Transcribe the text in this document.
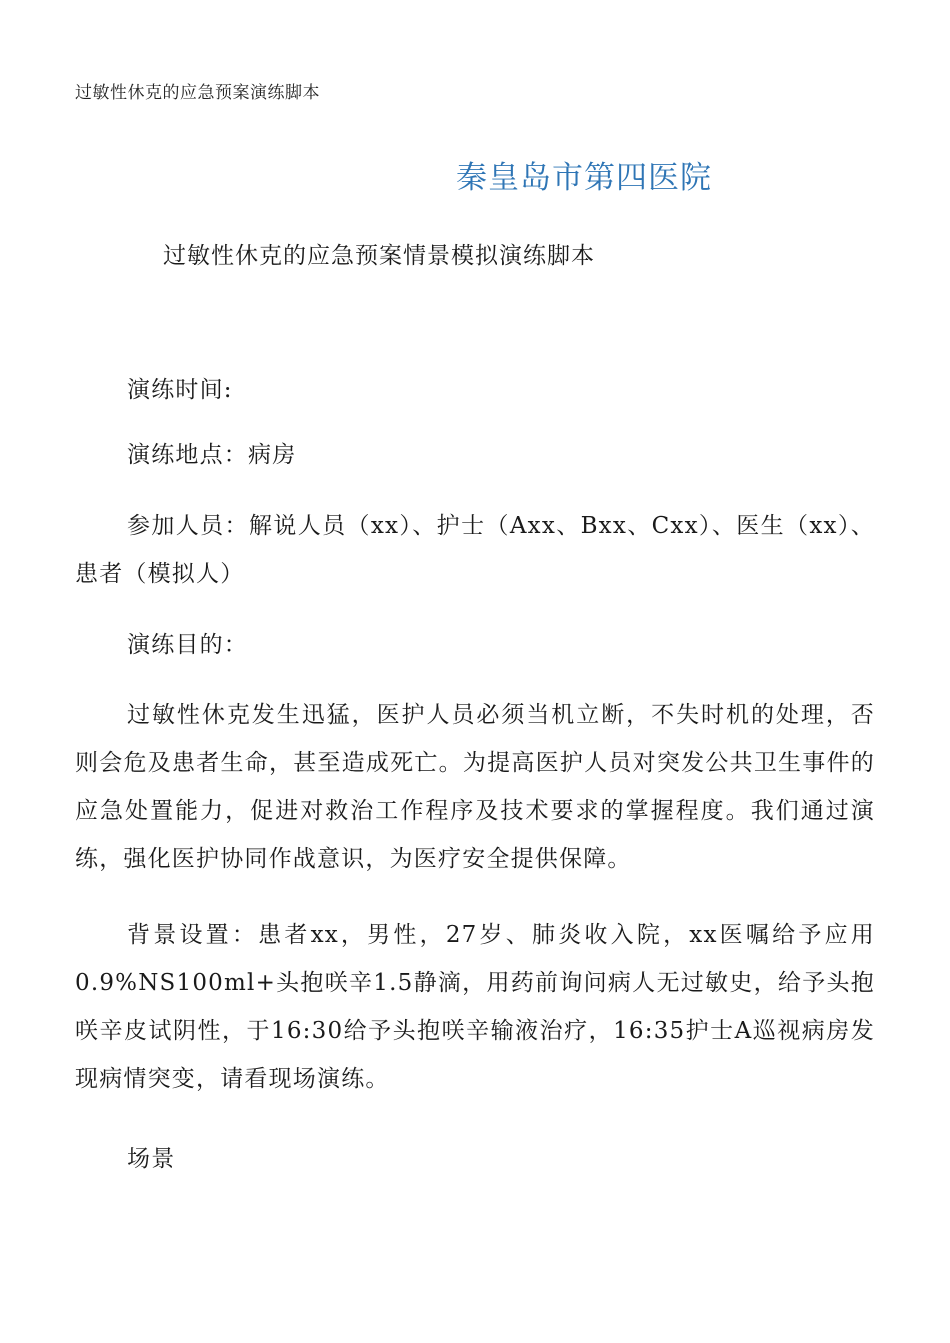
过敏性休克的应急预案演练脚本
秦皇岛市第四医院
过敏性休克的应急预案情景模拟演练脚本

演练时间:

演练地点：病房

参加人员：解说人员（xx）、护士（Axx、Bxx、Cxx）、医生（xx）、患者（模拟人）

演练目的：

过敏性休克发生迅猛，医护人员必须当机立断，不失时机的处理，否则会危及患者生命，甚至造成死亡。为提高医护人员对突发公共卫生事件的应急处置能力，促进对救治工作程序及技术要求的掌握程度。我们通过演练，强化医护协同作战意识，为医疗安全提供保障。

背景设置：患者xx，男性，27岁、肺炎收入院，xx医嘱给予应用0.9%NS100ml+头抱咲辛1.5静滴，用药前询问病人无过敏史，给予头抱咲辛皮试阴性，于16:30给予头抱咲辛输液治疗，16:35护士A巡视病房发现病情突变，请看现场演练。

场景
